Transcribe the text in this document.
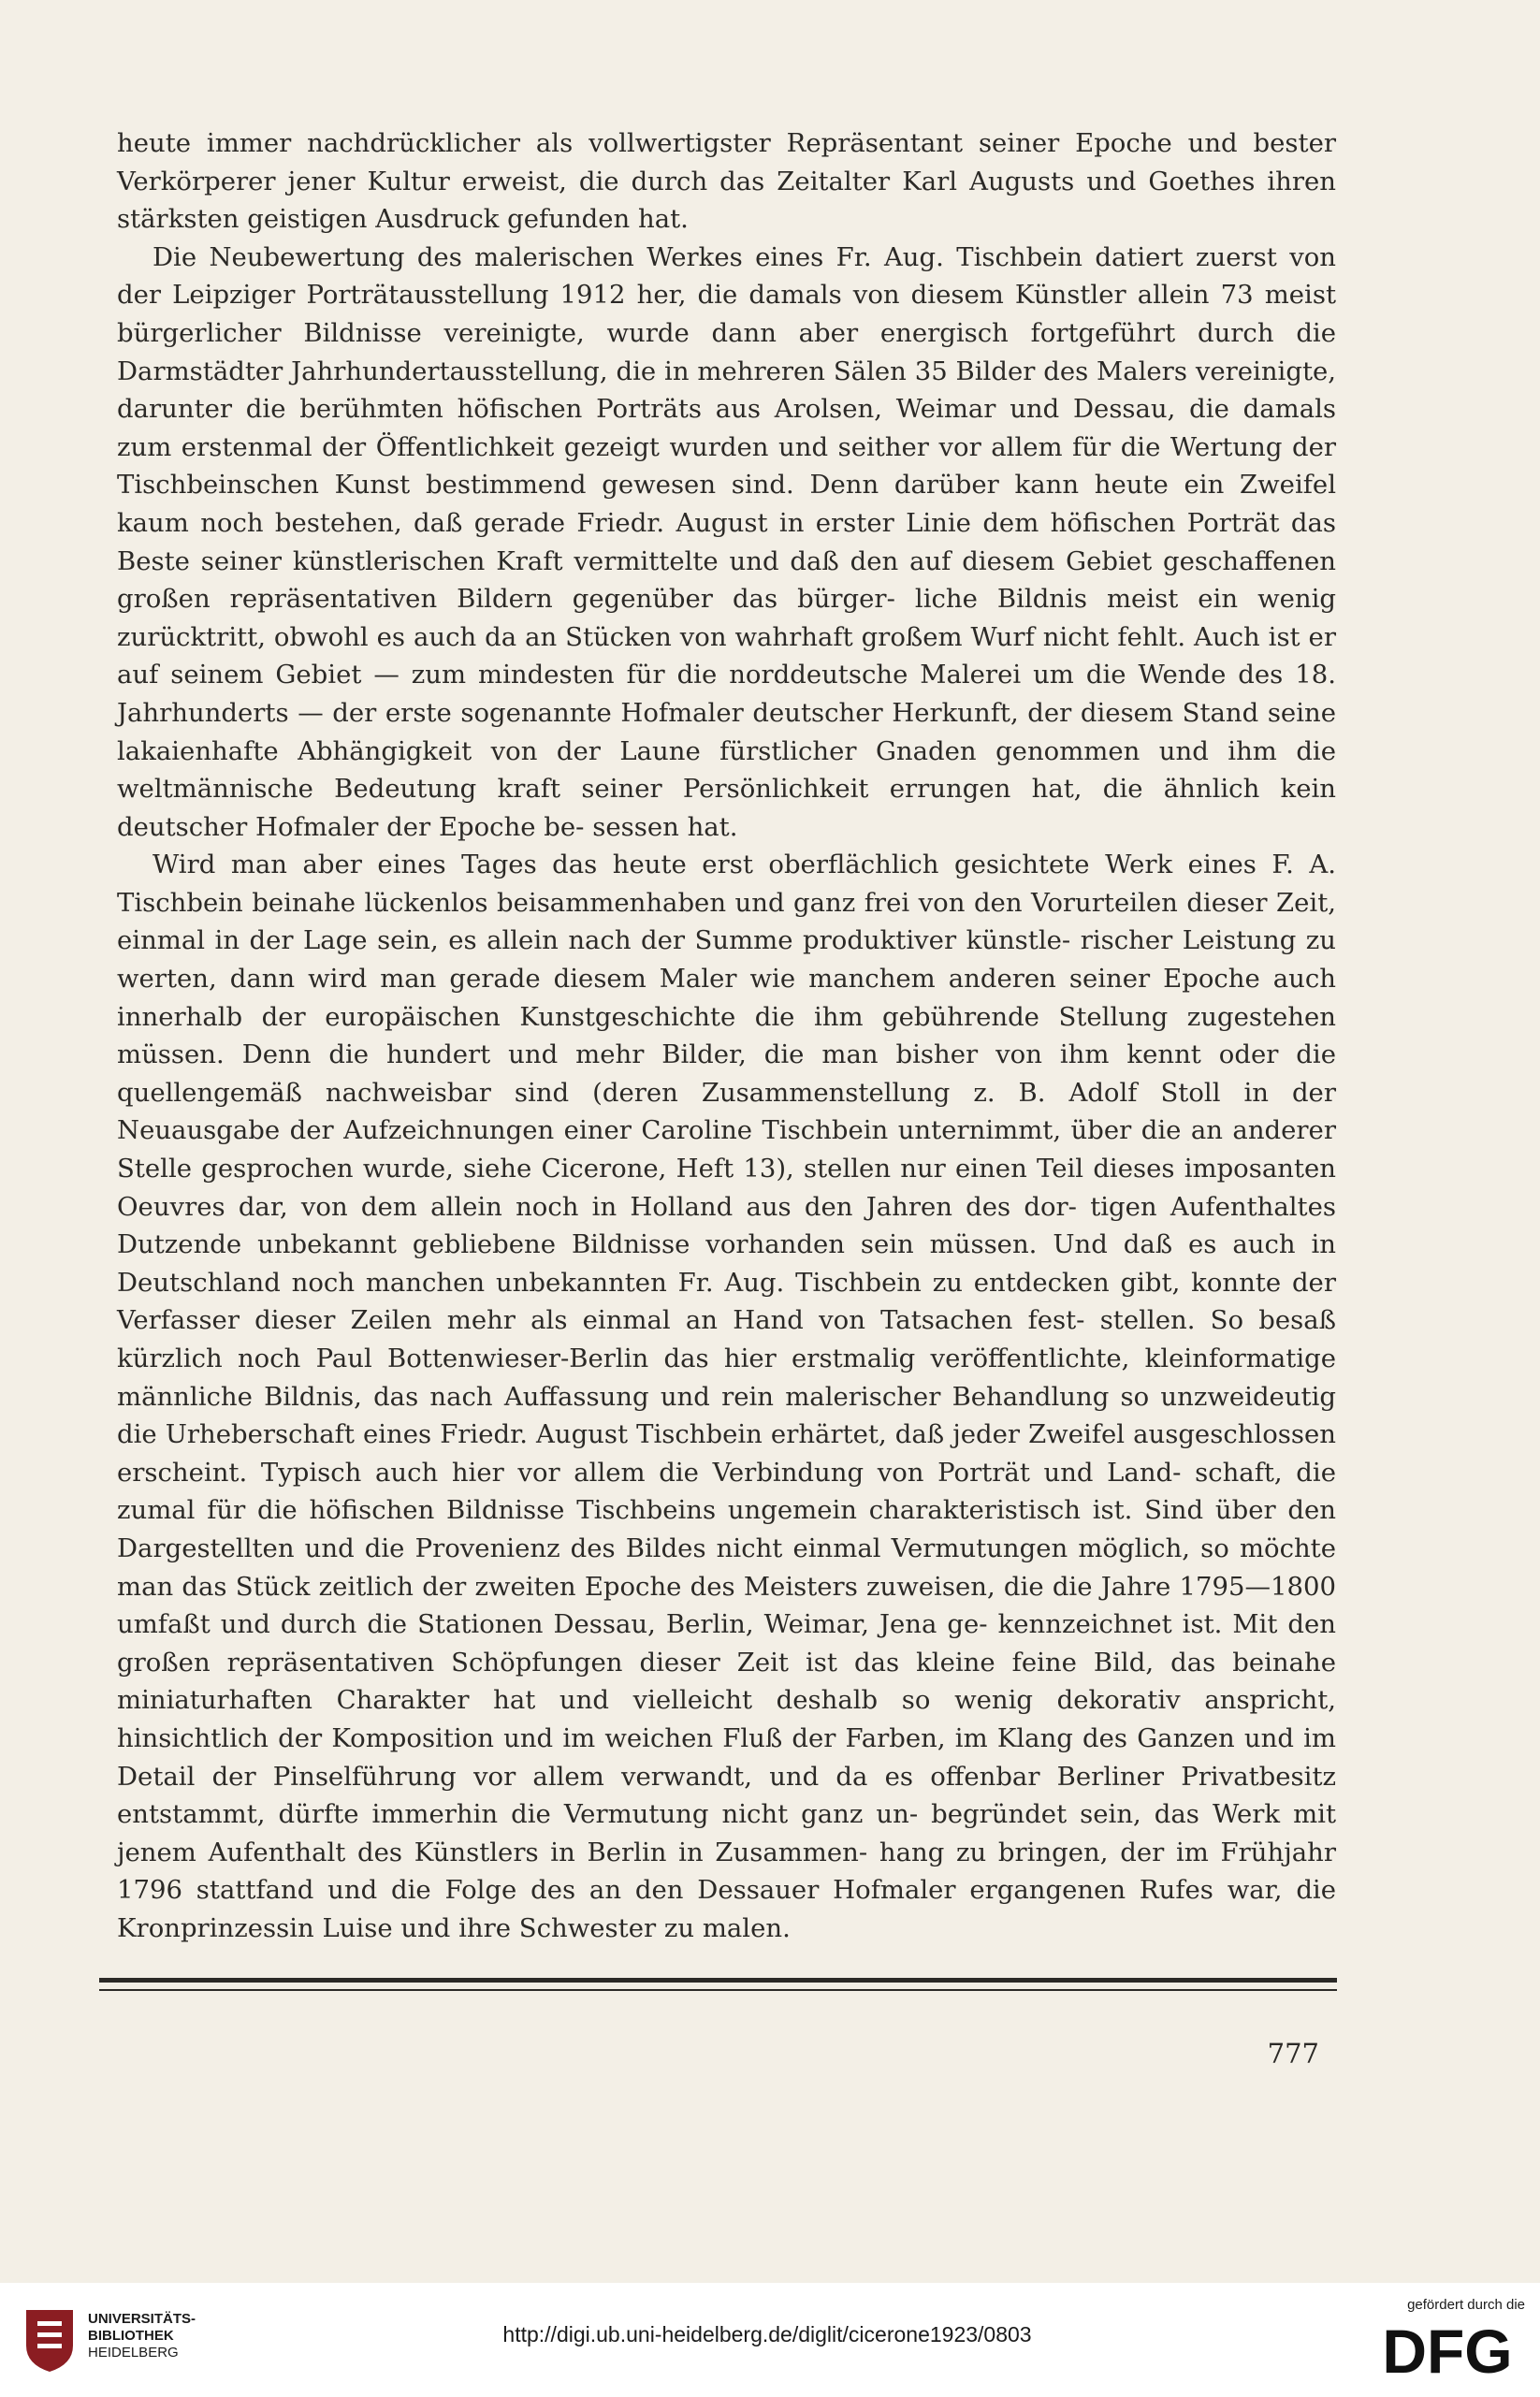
heute immer nachdrücklicher als vollwertigster Repräsentant seiner Epoche und bester Verkörperer jener Kultur erweist, die durch das Zeitalter Karl Augusts und Goethes ihren stärksten geistigen Ausdruck gefunden hat.

Die Neubewertung des malerischen Werkes eines Fr. Aug. Tischbein datiert zuerst von der Leipziger Porträtausstellung 1912 her, die damals von diesem Künstler allein 73 meist bürgerlicher Bildnisse vereinigte, wurde dann aber energisch fortgeführt durch die Darmstädter Jahrhundertausstellung, die in mehreren Sälen 35 Bilder des Malers vereinigte, darunter die berühmten höfischen Porträts aus Arolsen, Weimar und Dessau, die damals zum erstenmal der Öffentlichkeit gezeigt wurden und seither vor allem für die Wertung der Tischbeinschen Kunst bestimmend gewesen sind. Denn darüber kann heute ein Zweifel kaum noch bestehen, daß gerade Friedr. August in erster Linie dem höfischen Porträt das Beste seiner künstlerischen Kraft vermittelte und daß den auf diesem Gebiet geschaffenen großen repräsentativen Bildern gegenüber das bürger- liche Bildnis meist ein wenig zurücktritt, obwohl es auch da an Stücken von wahrhaft großem Wurf nicht fehlt. Auch ist er auf seinem Gebiet — zum mindesten für die norddeutsche Malerei um die Wende des 18. Jahrhunderts — der erste sogenannte Hofmaler deutscher Herkunft, der diesem Stand seine lakaienhafte Abhängigkeit von der Laune fürstlicher Gnaden genommen und ihm die weltmännische Bedeutung kraft seiner Persönlichkeit errungen hat, die ähnlich kein deutscher Hofmaler der Epoche be- sessen hat.

Wird man aber eines Tages das heute erst oberflächlich gesichtete Werk eines F. A. Tischbein beinahe lückenlos beisammenhaben und ganz frei von den Vorurteilen dieser Zeit, einmal in der Lage sein, es allein nach der Summe produktiver künstle- rischer Leistung zu werten, dann wird man gerade diesem Maler wie manchem anderen seiner Epoche auch innerhalb der europäischen Kunstgeschichte die ihm gebührende Stellung zugestehen müssen. Denn die hundert und mehr Bilder, die man bisher von ihm kennt oder die quellengemäß nachweisbar sind (deren Zusammenstellung z. B. Adolf Stoll in der Neuausgabe der Aufzeichnungen einer Caroline Tischbein unternimmt, über die an anderer Stelle gesprochen wurde, siehe Cicerone, Heft 13), stellen nur einen Teil dieses imposanten Oeuvres dar, von dem allein noch in Holland aus den Jahren des dor- tigen Aufenthaltes Dutzende unbekannt gebliebene Bildnisse vorhanden sein müssen. Und daß es auch in Deutschland noch manchen unbekannten Fr. Aug. Tischbein zu entdecken gibt, konnte der Verfasser dieser Zeilen mehr als einmal an Hand von Tatsachen fest- stellen. So besaß kürzlich noch Paul Bottenwieser-Berlin das hier erstmalig veröffentlichte, kleinformatige männliche Bildnis, das nach Auffassung und rein malerischer Behandlung so unzweideutig die Urheberschaft eines Friedr. August Tischbein erhärtet, daß jeder Zweifel ausgeschlossen erscheint. Typisch auch hier vor allem die Verbindung von Porträt und Land- schaft, die zumal für die höfischen Bildnisse Tischbeins ungemein charakteristisch ist. Sind über den Dargestellten und die Provenienz des Bildes nicht einmal Vermutungen möglich, so möchte man das Stück zeitlich der zweiten Epoche des Meisters zuweisen, die die Jahre 1795—1800 umfaßt und durch die Stationen Dessau, Berlin, Weimar, Jena ge- kennzeichnet ist. Mit den großen repräsentativen Schöpfungen dieser Zeit ist das kleine feine Bild, das beinahe miniaturhaften Charakter hat und vielleicht deshalb so wenig dekorativ anspricht, hinsichtlich der Komposition und im weichen Fluß der Farben, im Klang des Ganzen und im Detail der Pinselführung vor allem verwandt, und da es offenbar Berliner Privatbesitz entstammt, dürfte immerhin die Vermutung nicht ganz un- begründet sein, das Werk mit jenem Aufenthalt des Künstlers in Berlin in Zusammen- hang zu bringen, der im Frühjahr 1796 stattfand und die Folge des an den Dessauer Hofmaler ergangenen Rufes war, die Kronprinzessin Luise und ihre Schwester zu malen.

777
UNIVERSITÄTS-
BIBLIOTHEK
HEIDELBERG
http://digi.ub.uni-heidelberg.de/diglit/cicerone1923/0803
gefördert durch die
DFG
